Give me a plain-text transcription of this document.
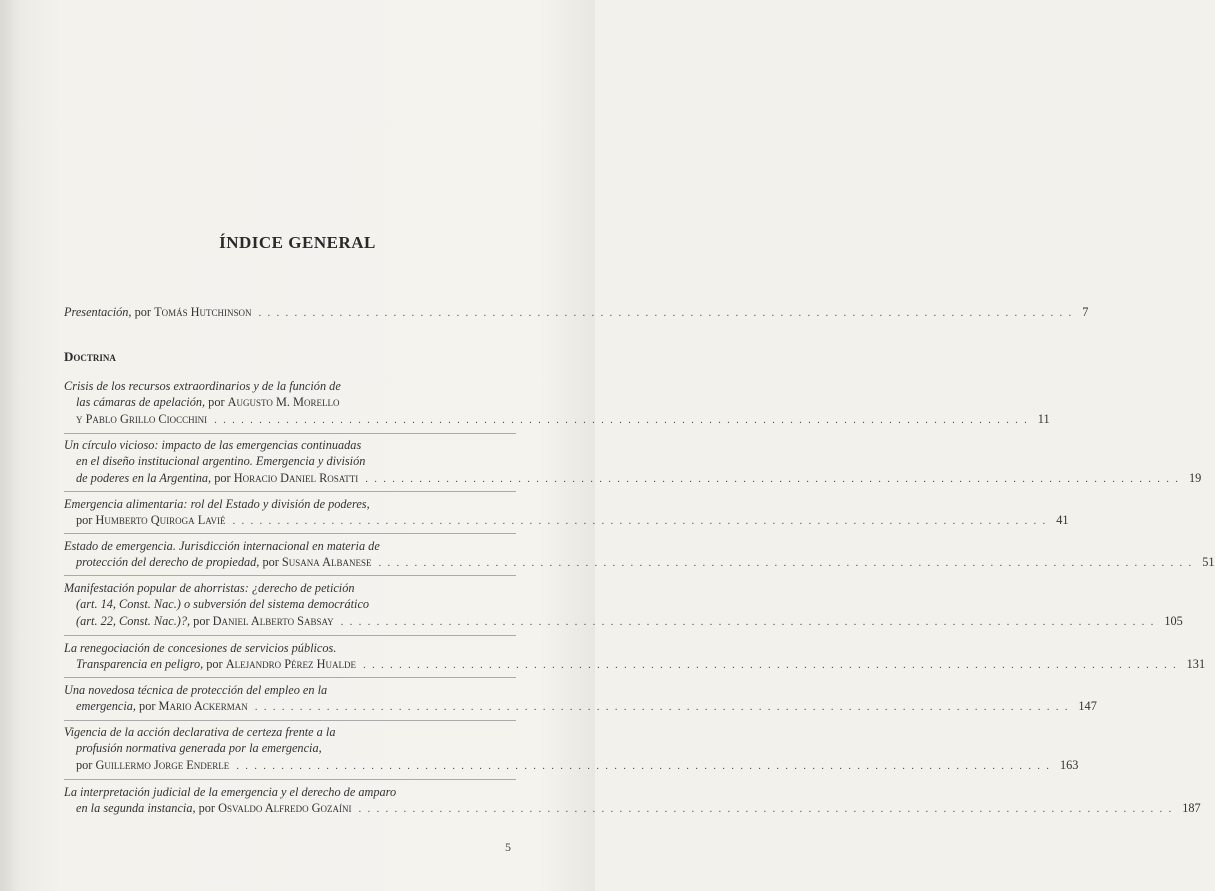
ÍNDICE GENERAL
Presentación, por Tomás Hutchinson . . .	7
Doctrina
Crisis de los recursos extraordinarios y de la función de
las cámaras de apelación, por Augusto M. Morello
y Pablo Grillo Ciocchini . . .	11
Un círculo vicioso: impacto de las emergencias continuadas
en el diseño institucional argentino. Emergencia y división
de poderes en la Argentina, por Horacio Daniel Rosatti . . .	19
Emergencia alimentaria: rol del Estado y división de poderes,
por Humberto Quiroga Lavié . . .	41
Estado de emergencia. Jurisdicción internacional en materia de
protección del derecho de propiedad, por Susana Albanese . . .	51
Manifestación popular de ahorristas: ¿derecho de petición
(art. 14, Const. Nac.) o subversión del sistema democrático
(art. 22, Const. Nac.)?, por Daniel Alberto Sabsay . . .	105
La renegociación de concesiones de servicios públicos.
Transparencia en peligro, por Alejandro Pérez Hualde . . .	131
Una novedosa técnica de protección del empleo en la
emergencia, por Mario Ackerman . . .	147
Vigencia de la acción declarativa de certeza frente a la
profusión normativa generada por la emergencia,
por Guillermo Jorge Enderle . . .	163
La interpretación judicial de la emergencia y el derecho de amparo
en la segunda instancia, por Osvaldo Alfredo Gozaíni . . .	187
5
